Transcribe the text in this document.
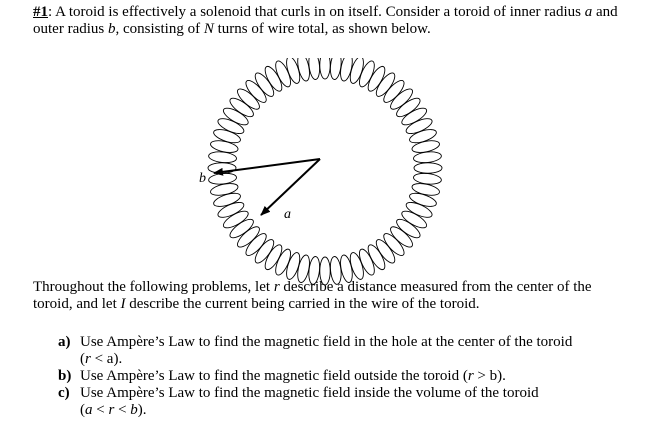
#1: A toroid is effectively a solenoid that curls in on itself. Consider a toroid of inner radius a and outer radius b, consisting of N turns of wire total, as shown below.
b
a
Throughout the following problems, let r describe a distance measured from the center of the toroid, and let I describe the current being carried in the wire of the toroid.

a) Use Ampère’s Law to find the magnetic field in the hole at the center of the toroid
(r < a).

b) Use Ampère’s Law to find the magnetic field outside the toroid (r > b).

c) Use Ampère’s Law to find the magnetic field inside the volume of the toroid
(a < r < b).
